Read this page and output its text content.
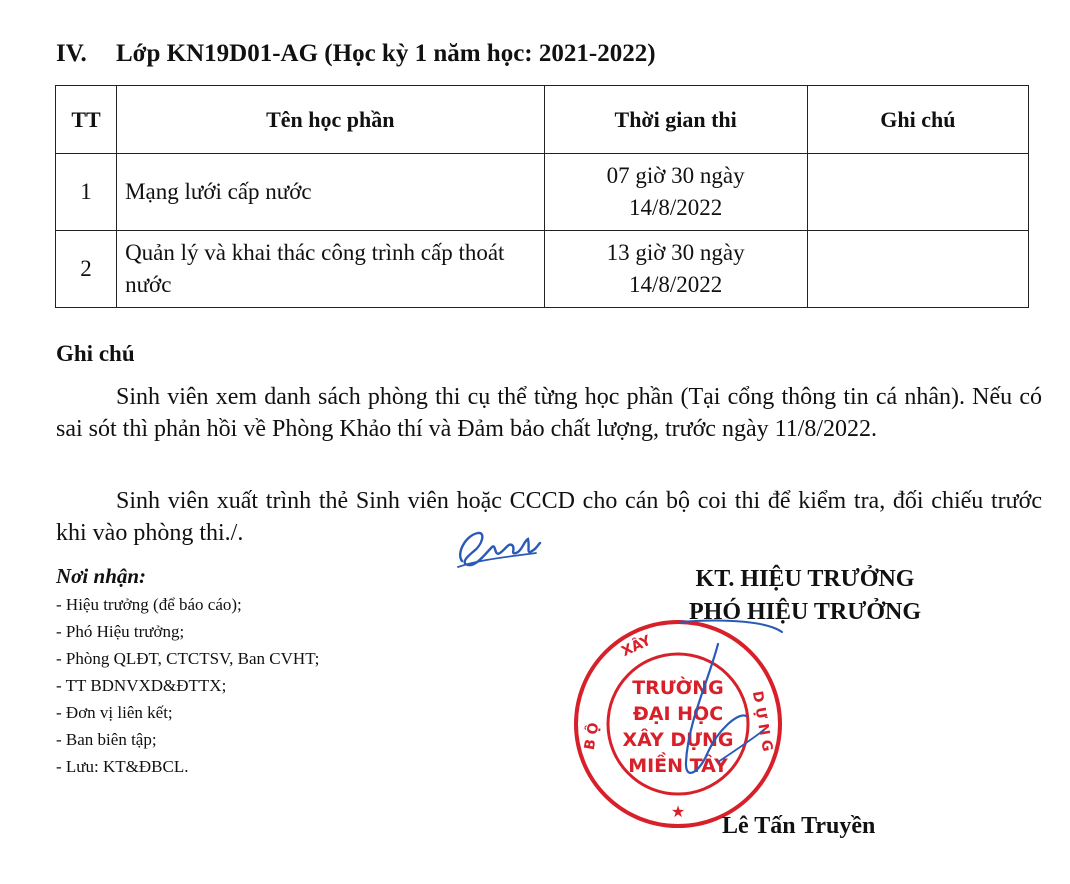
IV. Lớp KN19D01-AG (Học kỳ 1 năm học: 2021-2022)
TT	Tên học phần	Thời gian thi	Ghi chú
1	Mạng lưới cấp nước	07 giờ 30 ngày
14/8/2022	

2	Quản lý và khai thác công trình cấp thoát nước	13 giờ 30 ngày
14/8/2022	

Ghi chú
Sinh viên xem danh sách phòng thi cụ thể từng học phần (Tại cổng thông tin cá nhân). Nếu có sai sót thì phản hồi về Phòng Khảo thí và Đảm bảo chất lượng, trước ngày 11/8/2022.
Sinh viên xuất trình thẻ Sinh viên hoặc CCCD cho cán bộ coi thi để kiểm tra, đối chiếu trước khi vào phòng thi./.
Nơi nhận:
- Hiệu trưởng (để báo cáo);
- Phó Hiệu trưởng;
- Phòng QLĐT, CTCTSV, Ban CVHT;
- TT BDNVXD&ĐTTX;
- Đơn vị liên kết;
- Ban biên tập;
- Lưu: KT&ĐBCL.
KT. HIỆU TRƯỞNG
PHÓ HIỆU TRƯỞNG
TRƯỜNG
ĐẠI HỌC
XÂY DỰNG
MIỀN TÂY
XÂY
D Ự N G
B Ộ
★
Lê Tấn Truyền
